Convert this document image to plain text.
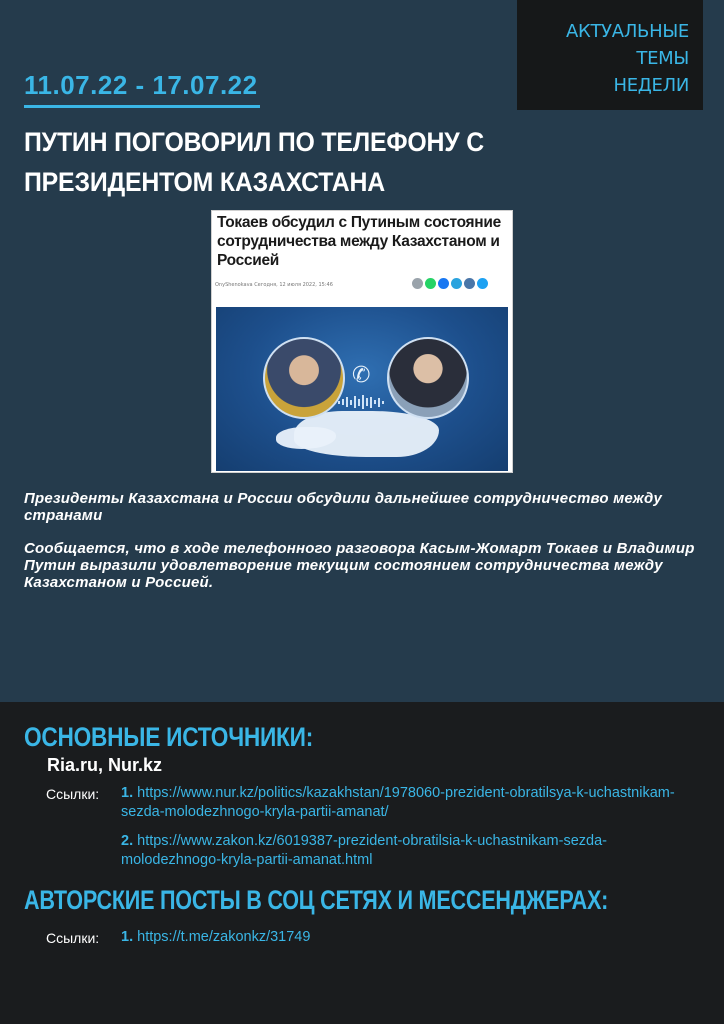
АКТУАЛЬНЫЕ ТЕМЫ
НЕДЕЛИ
11.07.22 - 17.07.22
ПУТИН ПОГОВОРИЛ ПО ТЕЛЕФОНУ С ПРЕЗИДЕНТОМ КАЗАХСТАНА
Токаев обсудил с Путиным состояние сотрудничества между Казахстаном и Россией
OnyShenokava Сегодня, 12 июля 2022, 15:46
✆
Президенты Казахстана и России обсудили дальнейшее сотрудничество между странами
Сообщается, что в ходе телефонного разговора Касым-Жомарт Токаев и Владимир Путин выразили удовлетворение текущим состоянием сотрудничества между Казахстаном и Россией.
ОСНОВНЫЕ ИСТОЧНИКИ:
Ria.ru, Nur.kz
Ссылки: 1. https://www.nur.kz/politics/kazakhstan/1978060-prezident-obratilsya-k-uchastnikam-sezda-molodezhnogo-kryla-partii-amanat/
2. https://www.zakon.kz/6019387-prezident-obratilsia-k-uchastnikam-sezda-molodezhnogo-kryla-partii-amanat.html
АВТОРСКИЕ ПОСТЫ В СОЦ СЕТЯХ И МЕССЕНДЖЕРАХ:
Ссылки: 1. https://t.me/zakonkz/31749
